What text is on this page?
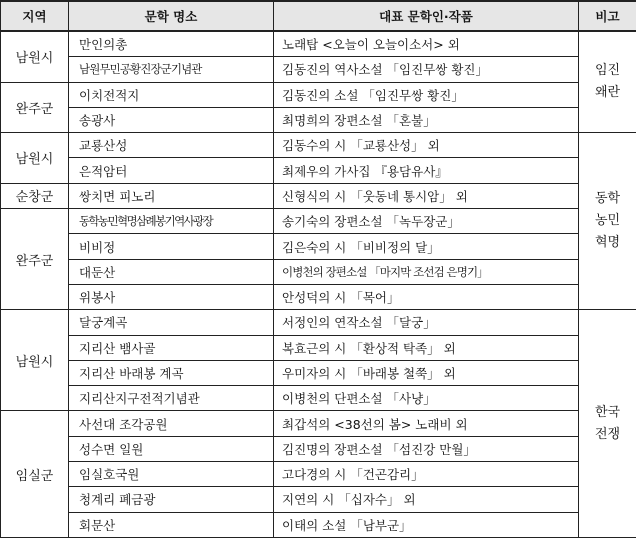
지역	문학 명소	대표 문학인·작품	비고
남원시	만인의총	노래탑 <오늘이 오늘이소서> 외	임진 왜란
	남원무민공황진장군기념관	김동진의 역사소설 「임진무쌍 황진」	
완주군	이치전적지	김동진의 소설 「임진무쌍 황진」	
	송광사	최명희의 장편소설 「혼불」	
남원시	교룡산성	김동수의 시 「교룡산성」 외	동학 농민 혁명
	은적암터	최제우의 가사집 『용담유사』	
순창군	쌍치면 피노리	신형식의 시 「웃동네 통시암」 외	
완주군	동학농민혁명삼례봉기역사광장	송기숙의 장편소설 「녹두장군」	
	비비정	김은숙의 시 「비비정의 달」	
	대둔산	이병천의 장편소설 「마지막 조선검 은명기」	
	위봉사	안성덕의 시 「목어」	
남원시	달궁계곡	서정인의 연작소설 「달궁」	한국 전쟁
	지리산 뱀사골	복효근의 시 「환상적 탁족」 외	
	지리산 바래봉 계곡	우미자의 시 「바래봉 철쭉」 외	
	지리산지구전적기념관	이병천의 단편소설 「사냥」	
임실군	사선대 조각공원	최갑석의 <38선의 봄> 노래비 외	
	성수면 일원	김진명의 장편소설 「섬진강 만월」	
	임실호국원	고다경의 시 「건곤감리」	
	청계리 폐금광	지연의 시 「십자수」 외	
	회문산	이태의 소설 「남부군」	
